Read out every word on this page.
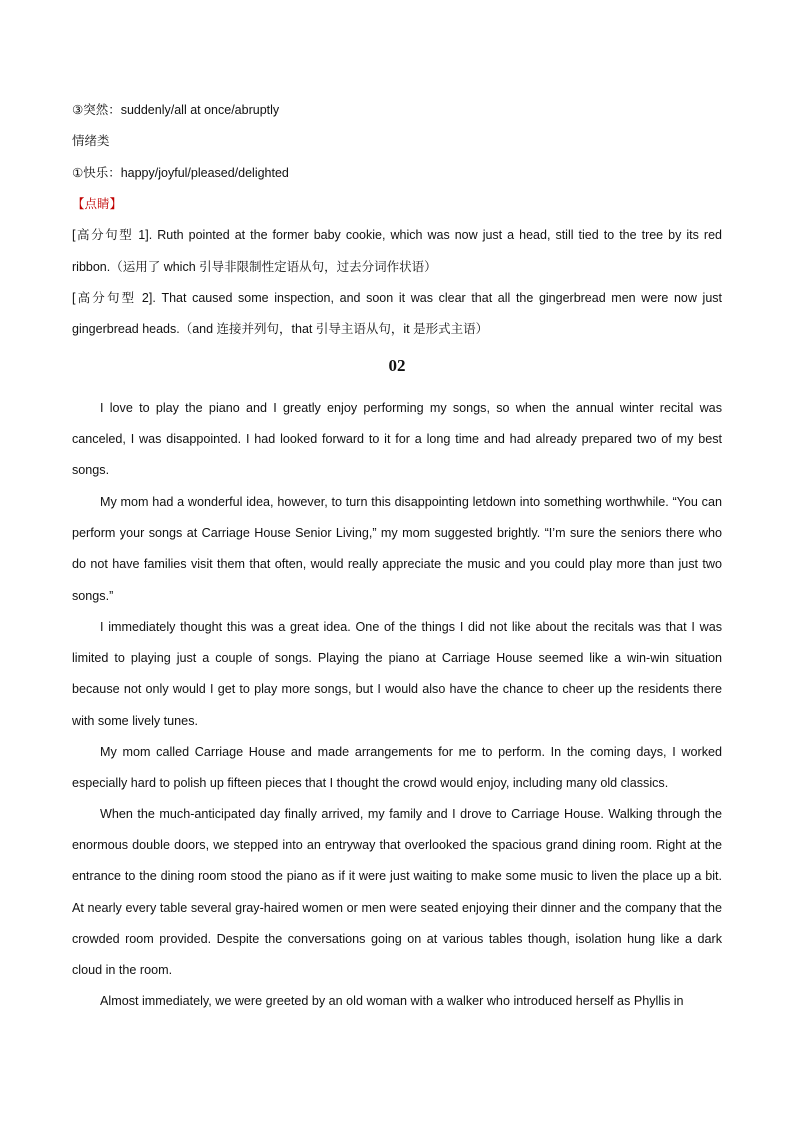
③突然：suddenly/all at once/abruptly
情绪类
①快乐：happy/joyful/pleased/delighted
【点睛】
[高分句型 1]. Ruth pointed at the former baby cookie, which was now just a head, still tied to the tree by its red
ribbon.（运用了 which 引导非限制性定语从句，过去分词作状语）
[高分句型 2]. That caused some inspection, and soon it was clear that all the gingerbread men were now just
gingerbread heads.（and 连接并列句，that 引导主语从句，it 是形式主语）
02
I love to play the piano and I greatly enjoy performing my songs, so when the annual winter recital was canceled, I was disappointed. I had looked forward to it for a long time and had already prepared two of my best songs.
My mom had a wonderful idea, however, to turn this disappointing letdown into something worthwhile. “You can perform your songs at Carriage House Senior Living,” my mom suggested brightly. “I’m sure the seniors there who do not have families visit them that often, would really appreciate the music and you could play more than just two songs.”
I immediately thought this was a great idea. One of the things I did not like about the recitals was that I was limited to playing just a couple of songs. Playing the piano at Carriage House seemed like a win-win situation because not only would I get to play more songs, but I would also have the chance to cheer up the residents there with some lively tunes.
My mom called Carriage House and made arrangements for me to perform. In the coming days, I worked especially hard to polish up fifteen pieces that I thought the crowd would enjoy, including many old classics.
When the much-anticipated day finally arrived, my family and I drove to Carriage House. Walking through the enormous double doors, we stepped into an entryway that overlooked the spacious grand dining room. Right at the entrance to the dining room stood the piano as if it were just waiting to make some music to liven the place up a bit. At nearly every table several gray-haired women or men were seated enjoying their dinner and the company that the crowded room provided. Despite the conversations going on at various tables though, isolation hung like a dark cloud in the room.
Almost immediately, we were greeted by an old woman with a walker who introduced herself as Phyllis in
